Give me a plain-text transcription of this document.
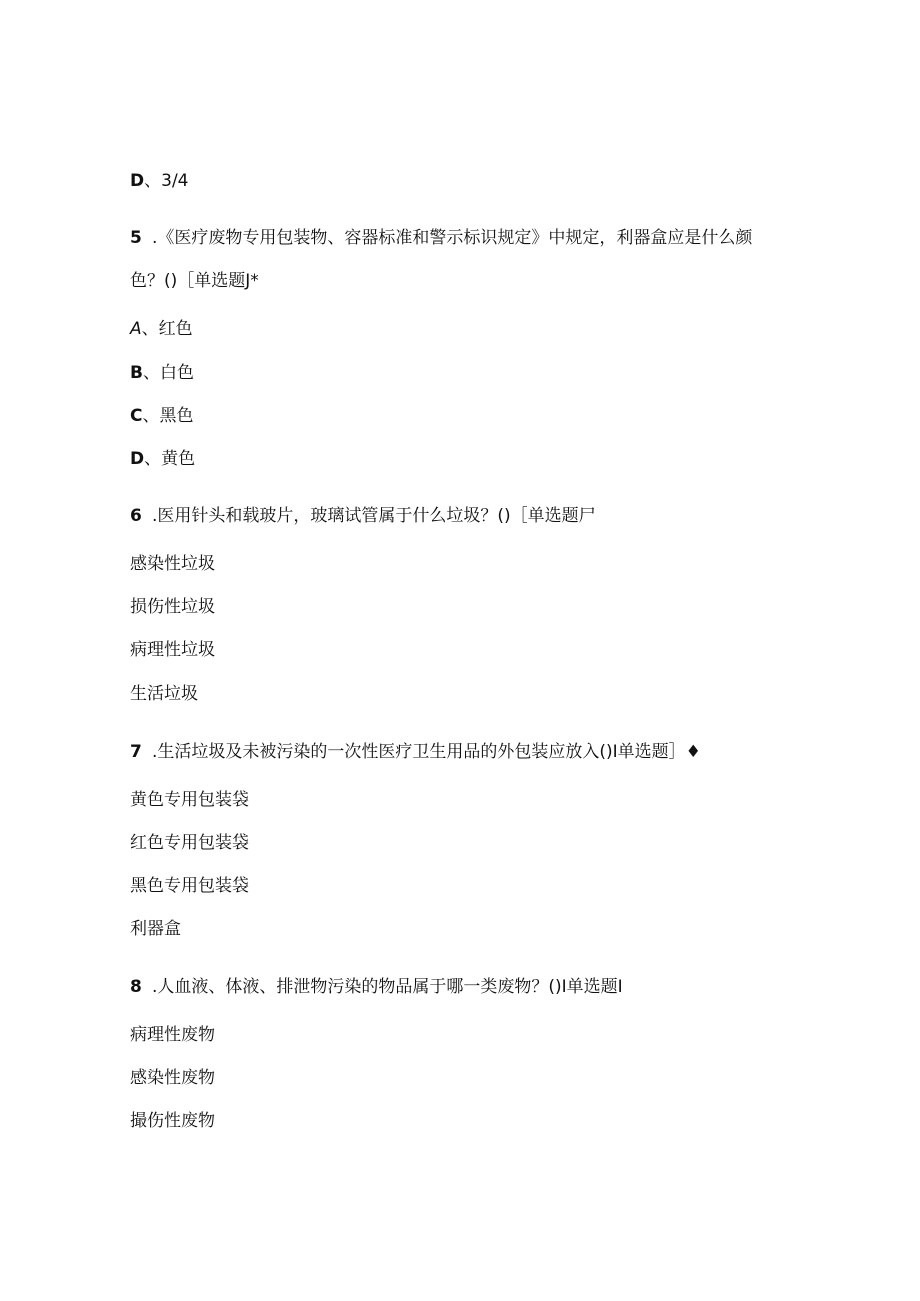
D、3/4
5 .《医疗废物专用包装物、容器标准和警示标识规定》中规定，利器盒应是什么颜
色？()［单选题J*
A、红色
B、白色
C、黑色
D、黄色
6 .医用针头和载玻片，玻璃试管属于什么垃圾？()［单选题尸
感染性垃圾
损伤性垃圾
病理性垃圾
生活垃圾
7 .生活垃圾及未被污染的一次性医疗卫生用品的外包装应放入()I单选题］♦
黄色专用包装袋
红色专用包装袋
黑色专用包装袋
利器盒
8 .人血液、体液、排泄物污染的物品属于哪一类废物？()I单选题I
病理性废物
感染性废物
撮伤性废物
